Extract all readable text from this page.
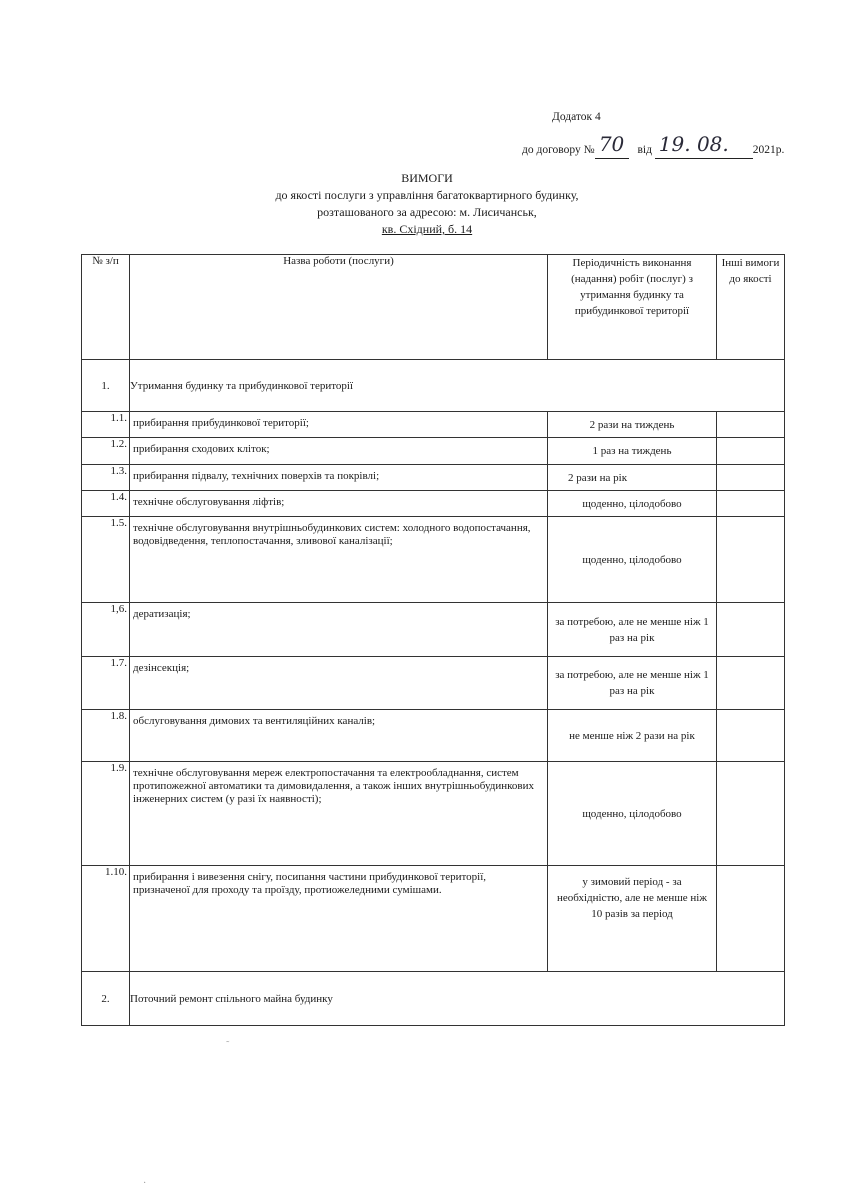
Додаток 4
до договору № 70 від 19. 08. 2021р.
ВИМОГИ
до якості послуги з управління багатоквартирного будинку,
розташованого за адресою: м. Лисичанськ,
кв. Східний, б. 14
№ з/п	Назва роботи (послуги)	Періодичність виконання (надання) робіт (послуг) з утримання будинку та прибудинкової території	Інші вимоги до якості
1.	Утримання будинку та прибудинкової території		
1.1.	прибирання прибудинкової території;	2 рази на тиждень	
1.2.	прибирання сходових кліток;	1 раз на тиждень	
1.3.	прибирання підвалу, технічних поверхів та покрівлі;	2 рази на рік	
1.4.	технічне обслуговування ліфтів;	щоденно, цілодобово	
1.5.	технічне обслуговування внутрішньобудинкових систем: холодного водопостачання, водовідведення, теплопостачання, зливової каналізації;	щоденно, цілодобово	
1,6.	дератизація;	за потребою, але не менше ніж 1 раз на рік	
1.7.	дезінсекція;	за потребою, але не менше ніж 1 раз на рік	
1.8.	обслуговування димових та вентиляційних каналів;	не менше ніж 2 рази на рік	
1.9.	технічне обслуговування мереж електропостачання та електрообладнання, систем протипожежної автоматики та димовидалення, а також інших внутрішньобудинкових інженерних систем (у разі їх наявності);	щоденно, цілодобово	
1.10.	прибирання і вивезення снігу, посипання частини прибудинкової території, призначеної для проходу та проїзду, протиожеледними сумішами.	у зимовий період - за необхідністю, але не менше ніж 10 разів за період	
2.	Поточний ремонт спільного майна будинку		
˜
·
